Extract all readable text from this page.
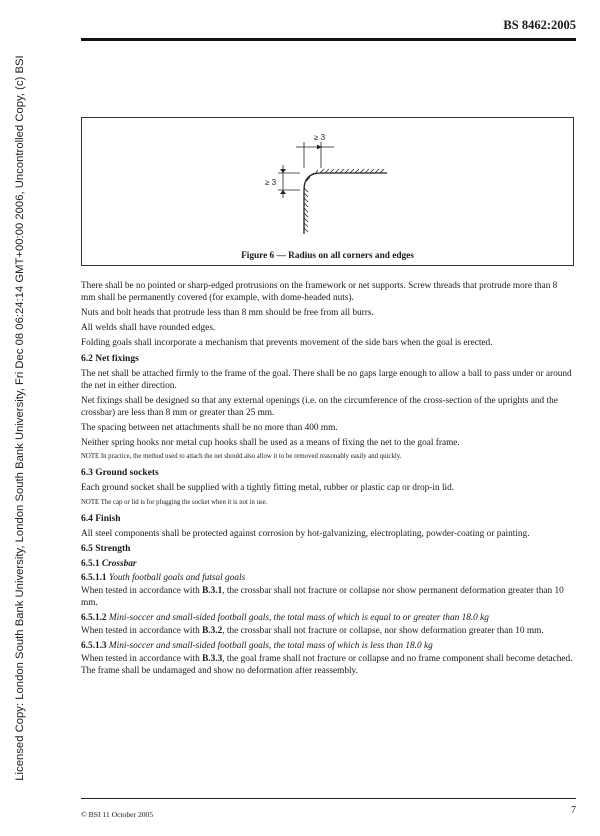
Licensed Copy: London South Bank University, London South Bank University, Fri Dec 08 06:24:14 GMT+00:00 2006, Uncontrolled Copy, (c) BSI
BS 8462:2005
≥ 3
≥ 3
Figure 6 — Radius on all corners and edges

There shall be no pointed or sharp-edged protrusions on the framework or net supports. Screw threads that protrude more than 8 mm shall be permanently covered (for example, with dome-headed nuts).

Nuts and bolt heads that protrude less than 8 mm should be free from all burrs.

All welds shall have rounded edges.

Folding goals shall incorporate a mechanism that prevents movement of the side bars when the goal is erected.

6.2 Net fixings

The net shall be attached firmly to the frame of the goal. There shall be no gaps large enough to allow a ball to pass under or around the net in either direction.

Net fixings shall be designed so that any external openings (i.e. on the circumference of the cross-section of the uprights and the crossbar) are less than 8 mm or greater than 25 mm.

The spacing between net attachments shall be no more than 400 mm.

Neither spring hooks nor metal cup hooks shall be used as a means of fixing the net to the goal frame.

NOTE In practice, the method used to attach the net should also allow it to be removed reasonably easily and quickly.

6.3 Ground sockets

Each ground socket shall be supplied with a tightly fitting metal, rubber or plastic cap or drop-in lid.

NOTE The cap or lid is for plugging the socket when it is not in use.

6.4 Finish

All steel components shall be protected against corrosion by hot-galvanizing, electroplating, powder-coating or painting.

6.5 Strength
6.5.1 Crossbar
6.5.1.1 Youth football goals and futsal goals

When tested in accordance with B.3.1, the crossbar shall not fracture or collapse nor show permanent deformation greater than 10 mm.

6.5.1.2 Mini-soccer and small-sided football goals, the total mass of which is equal to or greater than 18.0 kg

When tested in accordance with B.3.2, the crossbar shall not fracture or collapse, nor show deformation greater than 10 mm.

6.5.1.3 Mini-soccer and small-sided football goals, the total mass of which is less than 18.0 kg

When tested in accordance with B.3.3, the goal frame shall not fracture or collapse and no frame component shall become detached. The frame shall be undamaged and show no deformation after reassembly.

© BSI 11 October 2005	7
